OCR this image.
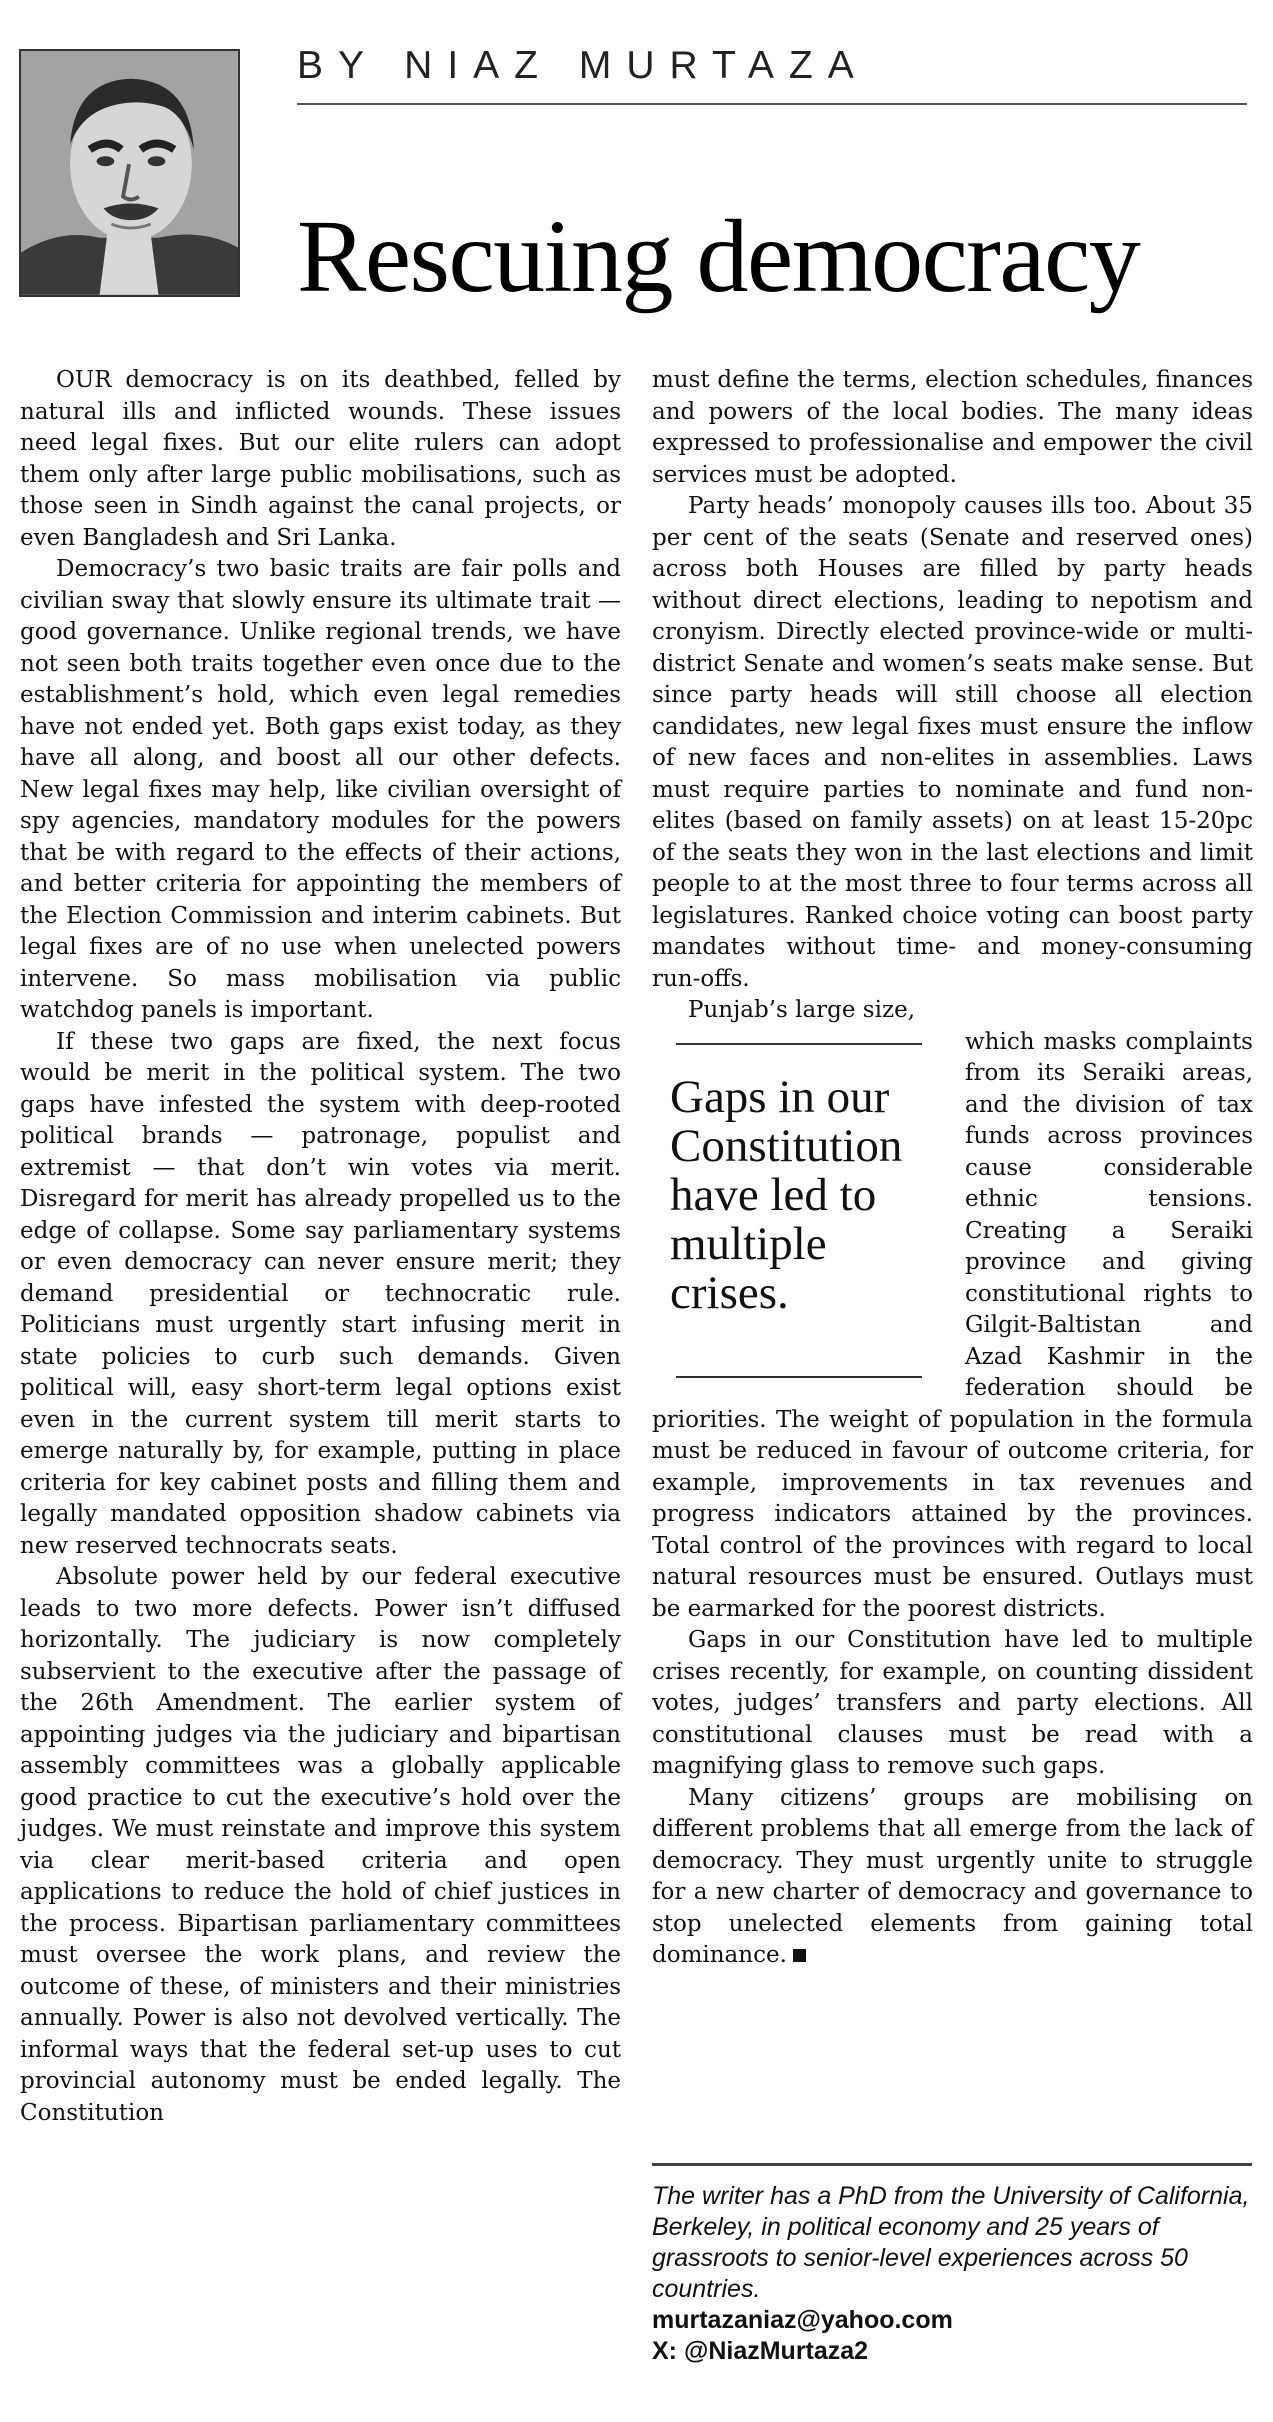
BY NIAZ MURTAZA
Rescuing democracy

OUR democracy is on its deathbed, felled by natural ills and inflicted wounds. These issues need legal fixes. But our elite rulers can adopt them only after large public mobilisations, such as those seen in Sindh against the canal projects, or even Bangladesh and Sri Lanka.

Democracy’s two basic traits are fair polls and civilian sway that slowly ensure its ultimate trait — good governance. Unlike regional trends, we have not seen both traits together even once due to the establishment’s hold, which even legal remedies have not ended yet. Both gaps exist today, as they have all along, and boost all our other defects. New legal fixes may help, like civilian oversight of spy agencies, mandatory modules for the powers that be with regard to the effects of their actions, and better criteria for appointing the members of the Election Commission and interim cabinets. But legal fixes are of no use when unelected powers intervene. So mass mobilisation via public watchdog panels is important.

If these two gaps are fixed, the next focus would be merit in the political system. The two gaps have infested the system with deep-rooted political brands — patronage, populist and extremist — that don’t win votes via merit. Disregard for merit has already propelled us to the edge of collapse. Some say parliamentary systems or even democracy can never ensure merit; they demand presidential or technocratic rule. Politicians must urgently start infusing merit in state policies to curb such demands. Given political will, easy short-term legal options exist even in the current system till merit starts to emerge naturally by, for example, putting in place criteria for key cabinet posts and filling them and legally mandated opposition shadow cabinets via new reserved technocrats seats.

Absolute power held by our federal executive leads to two more defects. Power isn’t diffused horizontally. The judiciary is now completely subservient to the executive after the passage of the 26th Amendment. The earlier system of appointing judges via the judiciary and bipartisan assembly committees was a globally applicable good practice to cut the executive’s hold over the judges. We must reinstate and improve this system via clear merit-based criteria and open applications to reduce the hold of chief justices in the process. Bipartisan parliamentary committees must oversee the work plans, and review the outcome of these, of ministers and their ministries annually. Power is also not devolved vertically. The informal ways that the federal set-up uses to cut provincial autonomy must be ended legally. The Constitution

must define the terms, election schedules, finances and powers of the local bodies. The many ideas expressed to professionalise and empower the civil services must be adopted.

Party heads’ monopoly causes ills too. About 35 per cent of the seats (Senate and reserved ones) across both Houses are filled by party heads without direct elections, leading to nepotism and cronyism. Directly elected province-wide or multi-district Senate and women’s seats make sense. But since party heads will still choose all election candidates, new legal fixes must ensure the inflow of new faces and non-elites in assemblies. Laws must require parties to nominate and fund non-elites (based on family assets) on at least 15-20pc of the seats they won in the last elections and limit people to at the most three to four terms across all legislatures. Ranked choice voting can boost party mandates without time- and money-consuming run-offs.

Punjab’s large size,

Gaps in our Constitution have led to multiple crises.

which masks complaints from its Seraiki areas, and the division of tax funds across provinces cause considerable ethnic tensions. Creating a Seraiki province and giving constitutional rights to Gilgit-Baltistan and Azad Kashmir in the federation should be priorities. The weight of population in the formula must be reduced in favour of outcome criteria, for example, improvements in tax revenues and progress indicators attained by the provinces. Total control of the provinces with regard to local natural resources must be ensured. Outlays must be earmarked for the poorest districts.

Gaps in our Constitution have led to multiple crises recently, for example, on counting dissident votes, judges’ transfers and party elections. All constitutional clauses must be read with a magnifying glass to remove such gaps.

Many citizens’ groups are mobilising on different problems that all emerge from the lack of democracy. They must urgently unite to struggle for a new charter of democracy and governance to stop unelected elements from gaining total dominance.

The writer has a PhD from the University of California, Berkeley, in political economy and 25 years of grassroots to senior-level experiences across 50 countries.
murtazaniaz@yahoo.com
X: @NiazMurtaza2
